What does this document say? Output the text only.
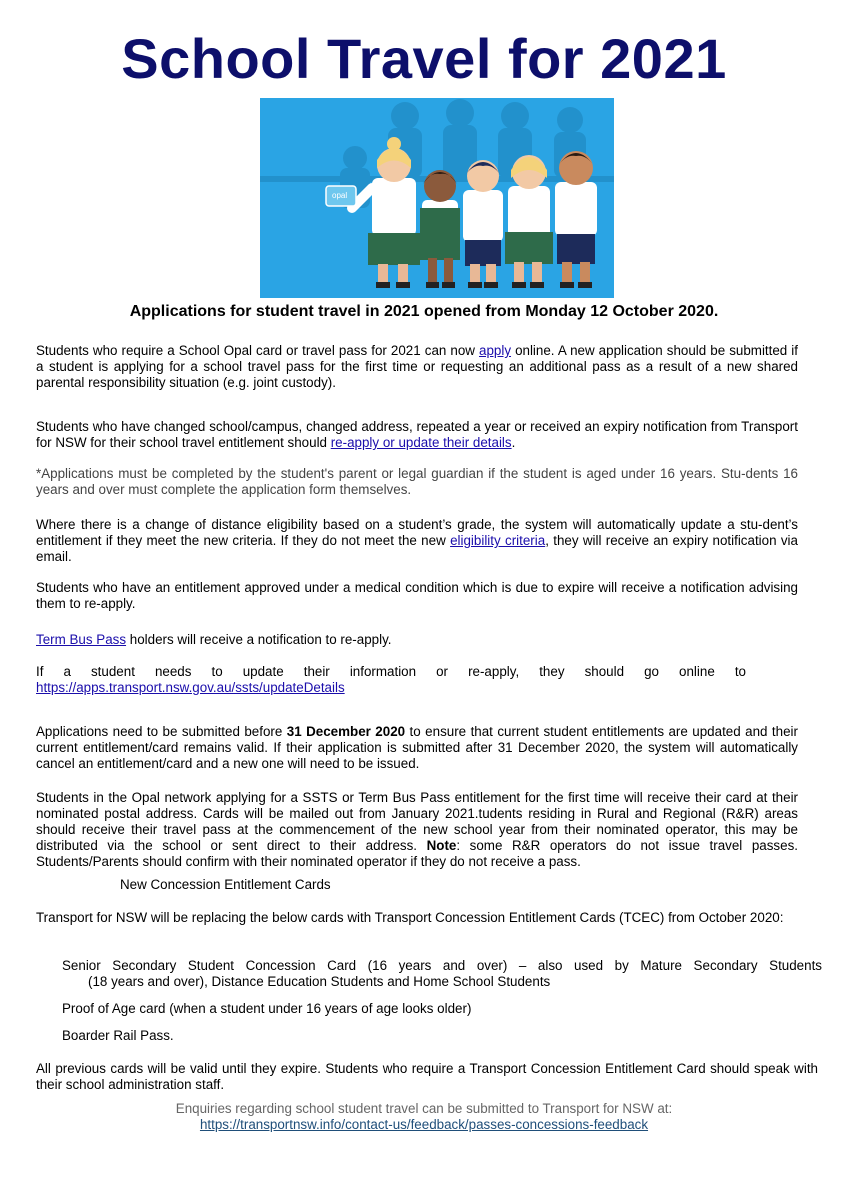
School Travel for 2021
opal

Applications for student travel in 2021 opened from Monday 12 October 2020.

Students who require a School Opal card or travel pass for 2021 can now apply online. A new application should be submitted if a student is applying for a school travel pass for the first time or requesting an additional pass as a result of a new shared parental responsibility situation (e.g. joint custody).

Students who have changed school/campus, changed address, repeated a year or received an expiry notification from Transport for NSW for their school travel entitlement should re-apply or update their details.

*Applications must be completed by the student's parent or legal guardian if the student is aged under 16 years. Stu-dents 16 years and over must complete the application form themselves.

Where there is a change of distance eligibility based on a student’s grade, the system will automatically update a stu-dent’s entitlement if they meet the new criteria. If they do not meet the new eligibility criteria, they will receive an expiry notification via email.

Students who have an entitlement approved under a medical condition which is due to expire will receive a notification advising them to re-apply.

Term Bus Pass holders will receive a notification to re-apply.

If a student needs to update their information or re-apply, they should go online to https://apps.transport.nsw.gov.au/ssts/updateDetails

Applications need to be submitted before 31 December 2020 to ensure that current student entitlements are updated and their current entitlement/card remains valid. If their application is submitted after 31 December 2020, the system will automatically cancel an entitlement/card and a new one will need to be issued.

Students in the Opal network applying for a SSTS or Term Bus Pass entitlement for the first time will receive their card at their nominated postal address. Cards will be mailed out from January 2021.tudents residing in Rural and Regional (R&R) areas should receive their travel pass at the commencement of the new school year from their nominated operator, this may be distributed via the school or sent direct to their address. Note: some R&R operators do not issue travel passes. Students/Parents should confirm with their nominated operator if they do not receive a pass.

New Concession Entitlement Cards

Transport for NSW will be replacing the below cards with Transport Concession Entitlement Cards (TCEC) from October 2020:

Senior Secondary Student Concession Card (16 years and over) – also used by Mature Secondary Students

(18 years and over), Distance Education Students and Home School Students

Proof of Age card (when a student under 16 years of age looks older)

Boarder Rail Pass.

All previous cards will be valid until they expire. Students who require a Transport Concession Entitlement Card should speak with their school administration staff.

Enquiries regarding school student travel can be submitted to Transport for NSW at:
https://transportnsw.info/contact-us/feedback/passes-concessions-feedback
